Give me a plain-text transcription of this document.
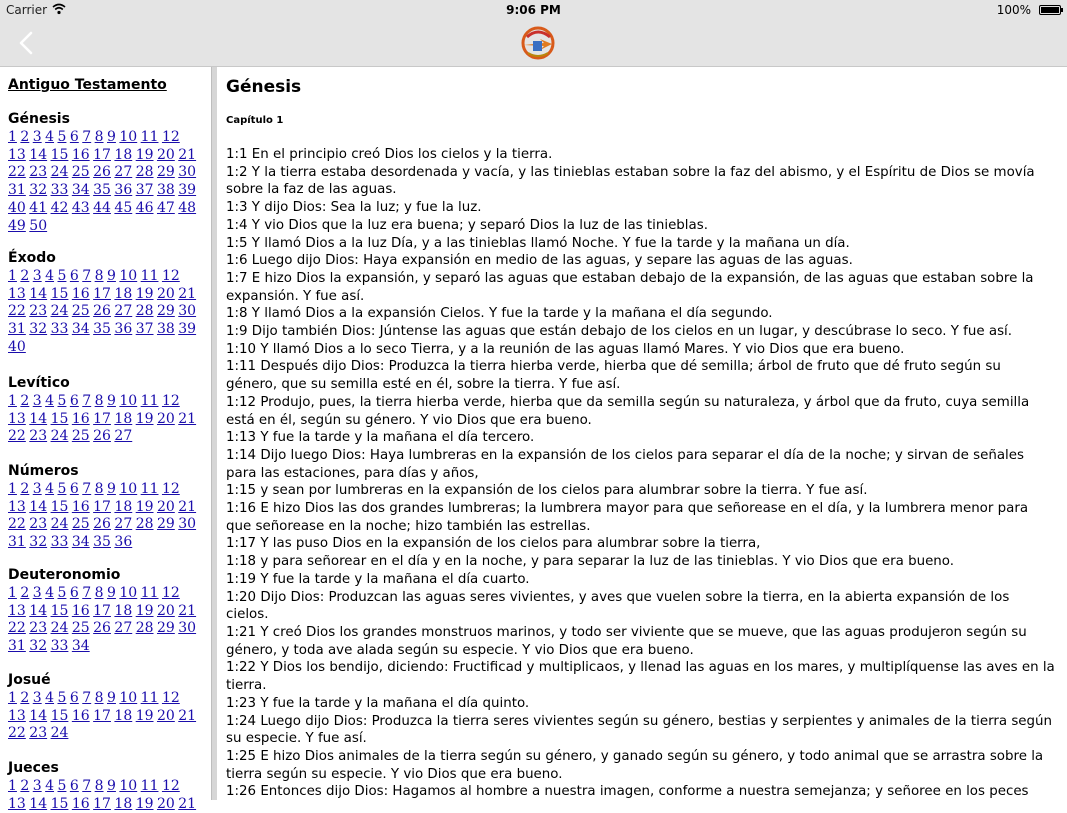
Carrier	9:06 PM	100%
Antiguo Testamento
Génesis
1 2 3 4 5 6 7 8 9 10 11 12
13 14 15 16 17 18 19 20 21
22 23 24 25 26 27 28 29 30
31 32 33 34 35 36 37 38 39
40 41 42 43 44 45 46 47 48
49 50
Éxodo
1 2 3 4 5 6 7 8 9 10 11 12
13 14 15 16 17 18 19 20 21
22 23 24 25 26 27 28 29 30
31 32 33 34 35 36 37 38 39
40
Levítico
1 2 3 4 5 6 7 8 9 10 11 12
13 14 15 16 17 18 19 20 21
22 23 24 25 26 27
Números
1 2 3 4 5 6 7 8 9 10 11 12
13 14 15 16 17 18 19 20 21
22 23 24 25 26 27 28 29 30
31 32 33 34 35 36
Deuteronomio
1 2 3 4 5 6 7 8 9 10 11 12
13 14 15 16 17 18 19 20 21
22 23 24 25 26 27 28 29 30
31 32 33 34
Josué
1 2 3 4 5 6 7 8 9 10 11 12
13 14 15 16 17 18 19 20 21
22 23 24
Jueces
1 2 3 4 5 6 7 8 9 10 11 12
13 14 15 16 17 18 19 20 21
Génesis
Capítulo 1
1:1 En el principio creó Dios los cielos y la tierra.
1:2 Y la tierra estaba desordenada y vacía, y las tinieblas estaban sobre la faz del abismo, y el Espíritu de Dios se movía sobre la faz de las aguas.
1:3 Y dijo Dios: Sea la luz; y fue la luz.
1:4 Y vio Dios que la luz era buena; y separó Dios la luz de las tinieblas.
1:5 Y llamó Dios a la luz Día, y a las tinieblas llamó Noche. Y fue la tarde y la mañana un día.
1:6 Luego dijo Dios: Haya expansión en medio de las aguas, y separe las aguas de las aguas.
1:7 E hizo Dios la expansión, y separó las aguas que estaban debajo de la expansión, de las aguas que estaban sobre la expansión. Y fue así.
1:8 Y llamó Dios a la expansión Cielos. Y fue la tarde y la mañana el día segundo.
1:9 Dijo también Dios: Júntense las aguas que están debajo de los cielos en un lugar, y descúbrase lo seco. Y fue así.
1:10 Y llamó Dios a lo seco Tierra, y a la reunión de las aguas llamó Mares. Y vio Dios que era bueno.
1:11 Después dijo Dios: Produzca la tierra hierba verde, hierba que dé semilla; árbol de fruto que dé fruto según su género, que su semilla esté en él, sobre la tierra. Y fue así.
1:12 Produjo, pues, la tierra hierba verde, hierba que da semilla según su naturaleza, y árbol que da fruto, cuya semilla está en él, según su género. Y vio Dios que era bueno.
1:13 Y fue la tarde y la mañana el día tercero.
1:14 Dijo luego Dios: Haya lumbreras en la expansión de los cielos para separar el día de la noche; y sirvan de señales para las estaciones, para días y años,
1:15 y sean por lumbreras en la expansión de los cielos para alumbrar sobre la tierra. Y fue así.
1:16 E hizo Dios las dos grandes lumbreras; la lumbrera mayor para que señorease en el día, y la lumbrera menor para que señorease en la noche; hizo también las estrellas.
1:17 Y las puso Dios en la expansión de los cielos para alumbrar sobre la tierra,
1:18 y para señorear en el día y en la noche, y para separar la luz de las tinieblas. Y vio Dios que era bueno.
1:19 Y fue la tarde y la mañana el día cuarto.
1:20 Dijo Dios: Produzcan las aguas seres vivientes, y aves que vuelen sobre la tierra, en la abierta expansión de los cielos.
1:21 Y creó Dios los grandes monstruos marinos, y todo ser viviente que se mueve, que las aguas produjeron según su género, y toda ave alada según su especie. Y vio Dios que era bueno.
1:22 Y Dios los bendijo, diciendo: Fructificad y multiplicaos, y llenad las aguas en los mares, y multiplíquense las aves en la tierra.
1:23 Y fue la tarde y la mañana el día quinto.
1:24 Luego dijo Dios: Produzca la tierra seres vivientes según su género, bestias y serpientes y animales de la tierra según su especie. Y fue así.
1:25 E hizo Dios animales de la tierra según su género, y ganado según su género, y todo animal que se arrastra sobre la tierra según su especie. Y vio Dios que era bueno.
1:26 Entonces dijo Dios: Hagamos al hombre a nuestra imagen, conforme a nuestra semejanza; y señoree en los peces
